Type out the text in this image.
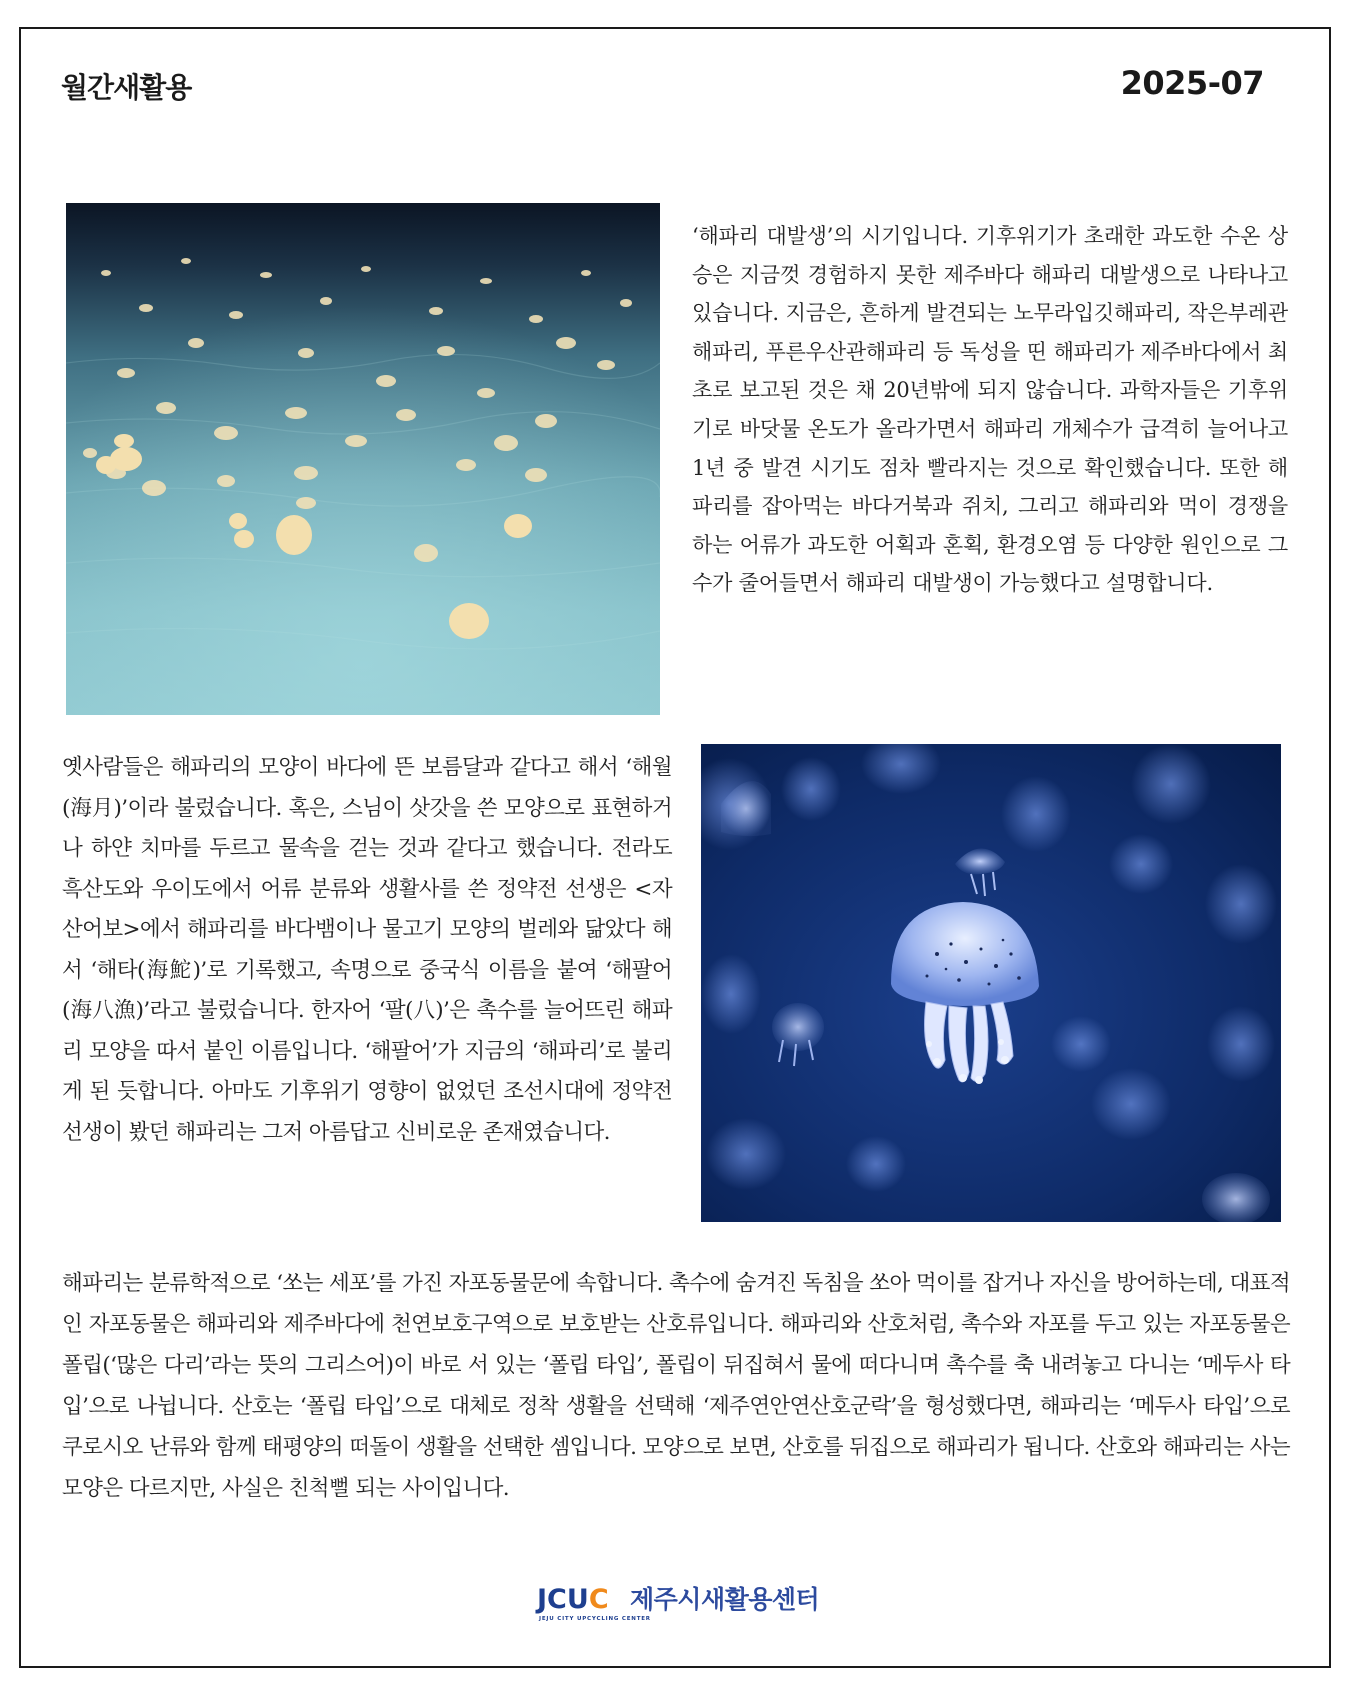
월간새활용	2025-07
‘해파리 대발생’의 시기입니다. 기후위기가 초래한 과도한 수온 상승은 지금껏 경험하지 못한 제주바다 해파리 대발생으로 나타나고 있습니다. 지금은, 흔하게 발견되는 노무라입깃해파리, 작은부레관해파리, 푸른우산관해파리 등 독성을 띤 해파리가 제주바다에서 최초로 보고된 것은 채 20년밖에 되지 않습니다. 과학자들은 기후위기로 바닷물 온도가 올라가면서 해파리 개체수가 급격히 늘어나고 1년 중 발견 시기도 점차 빨라지는 것으로 확인했습니다. 또한 해파리를 잡아먹는 바다거북과 쥐치, 그리고 해파리와 먹이 경쟁을 하는 어류가 과도한 어획과 혼획, 환경오염 등 다양한 원인으로 그 수가 줄어들면서 해파리 대발생이 가능했다고 설명합니다.
옛사람들은 해파리의 모양이 바다에 뜬 보름달과 같다고 해서 ‘해월(海月)’이라 불렀습니다. 혹은, 스님이 삿갓을 쓴 모양으로 표현하거나 하얀 치마를 두르고 물속을 걷는 것과 같다고 했습니다. 전라도 흑산도와 우이도에서 어류 분류와 생활사를 쓴 정약전 선생은 <자산어보>에서 해파리를 바다뱀이나 물고기 모양의 벌레와 닮았다 해서 ‘해타(海鮀)’로 기록했고, 속명으로 중국식 이름을 붙여 ‘해팔어(海八漁)’라고 불렀습니다. 한자어 ‘팔(八)’은 촉수를 늘어뜨린 해파리 모양을 따서 붙인 이름입니다. ‘해팔어’가 지금의 ‘해파리’로 불리게 된 듯합니다. 아마도 기후위기 영향이 없었던 조선시대에 정약전 선생이 봤던 해파리는 그저 아름답고 신비로운 존재였습니다.
해파리는 분류학적으로 ‘쏘는 세포’를 가진 자포동물문에 속합니다. 촉수에 숨겨진 독침을 쏘아 먹이를 잡거나 자신을 방어하는데, 대표적인 자포동물은 해파리와 제주바다에 천연보호구역으로 보호받는 산호류입니다. 해파리와 산호처럼, 촉수와 자포를 두고 있는 자포동물은 폴립(‘많은 다리’라는 뜻의 그리스어)이 바로 서 있는 ‘폴립 타입’, 폴립이 뒤집혀서 물에 떠다니며 촉수를 축 내려놓고 다니는 ‘메두사 타입’으로 나뉩니다. 산호는 ‘폴립 타입’으로 대체로 정착 생활을 선택해 ‘제주연안연산호군락’을 형성했다면, 해파리는 ‘메두사 타입’으로 쿠로시오 난류와 함께 태평양의 떠돌이 생활을 선택한 셈입니다. 모양으로 보면, 산호를 뒤집으로 해파리가 됩니다. 산호와 해파리는 사는 모양은 다르지만, 사실은 친척뻘 되는 사이입니다.
J C U C
JEJU CITY UPCYCLING CENTER
제주시새활용센터
